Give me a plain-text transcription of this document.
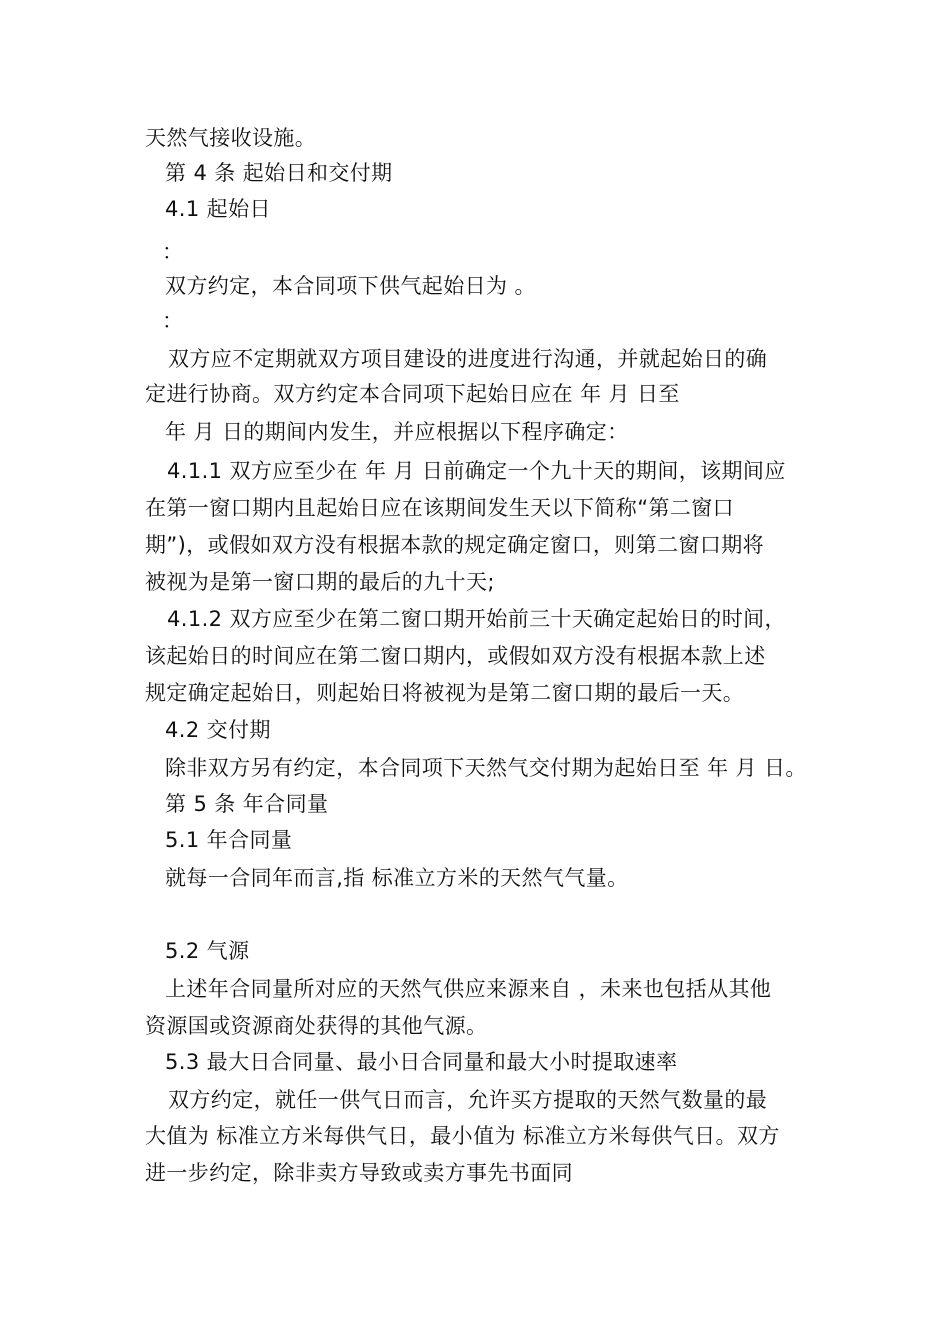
天然气接收设施。
第 4 条 起始日和交付期
4.1 起始日
：
双方约定，本合同项下供气起始日为 。
：
双方应不定期就双方项目建设的进度进行沟通，并就起始日的确
定进行协商。双方约定本合同项下起始日应在 年 月 日至
年 月 日的期间内发生，并应根据以下程序确定：
4.1.1 双方应至少在 年 月 日前确定一个九十天的期间，该期间应
在第一窗口期内且起始日应在该期间发生天以下简称“第二窗口
期”)，或假如双方没有根据本款的规定确定窗口，则第二窗口期将
被视为是第一窗口期的最后的九十天;
4.1.2 双方应至少在第二窗口期开始前三十天确定起始日的时间，
该起始日的时间应在第二窗口期内，或假如双方没有根据本款上述
规定确定起始日，则起始日将被视为是第二窗口期的最后一天。
4.2 交付期
除非双方另有约定，本合同项下天然气交付期为起始日至 年 月 日。
第 5 条 年合同量
5.1 年合同量
就每一合同年而言,指 标准立方米的天然气气量。
5.2 气源
上述年合同量所对应的天然气供应来源来自 ，未来也包括从其他
资源国或资源商处获得的其他气源。
5.3 最大日合同量、最小日合同量和最大小时提取速率
双方约定，就任一供气日而言，允许买方提取的天然气数量的最
大值为 标准立方米每供气日，最小值为 标准立方米每供气日。双方
进一步约定，除非卖方导致或卖方事先书面同
